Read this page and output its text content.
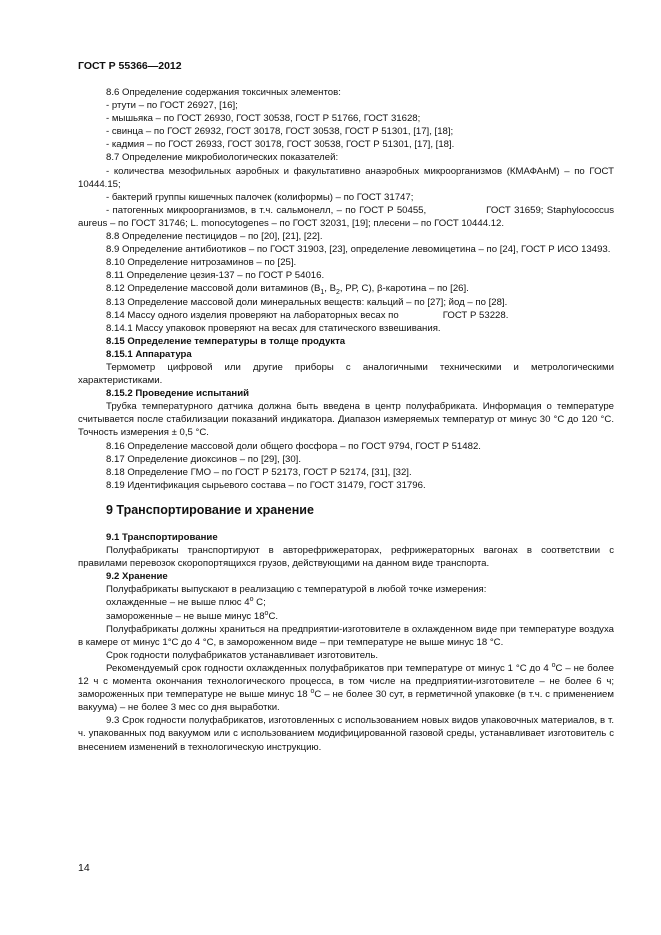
ГОСТ Р 55366—2012

8.6 Определение содержания токсичных элементов:

- ртути – по ГОСТ 26927, [16];

- мышьяка – по ГОСТ 26930, ГОСТ 30538, ГОСТ Р 51766, ГОСТ 31628;

- свинца – по ГОСТ 26932, ГОСТ 30178, ГОСТ 30538, ГОСТ Р 51301, [17], [18];

- кадмия – по ГОСТ 26933, ГОСТ 30178, ГОСТ 30538, ГОСТ Р 51301, [17], [18].

8.7 Определение микробиологических показателей:

- количества мезофильных аэробных и факультативно анаэробных микроорганизмов (КМАФАнМ) – по ГОСТ 10444.15;

- бактерий группы кишечных палочек (колиформы) – по ГОСТ 31747;

- патогенных микроорганизмов, в т.ч. сальмонелл, – по ГОСТ Р 50455,	ГОСТ 31659; Staphylococcus aureus – по ГОСТ 31746; L. monocytogenes – по ГОСТ 32031, [19]; плесени – по ГОСТ 10444.12.

8.8 Определение пестицидов – по [20], [21], [22].

8.9 Определение антибиотиков – по ГОСТ 31903, [23], определение левомицетина – по [24], ГОСТ Р ИСО 13493.

8.10 Определение нитрозаминов – по [25].

8.11 Определение цезия-137 – по ГОСТ Р 54016.

8.12 Определение массовой доли витаминов ($В_1$, $В_2$, РР, С), β-каротина – по [26].

8.13 Определение массовой доли минеральных веществ: кальций – по [27]; йод – по [28].

8.14 Массу одного изделия проверяют на лабораторных весах по	ГОСТ Р 53228.

8.14.1 Массу упаковок проверяют на весах для статического взвешивания.

8.15 Определение температуры в толще продукта

8.15.1 Аппаратура

Термометр цифровой или другие приборы с аналогичными техническими и метрологическими характеристиками.

8.15.2 Проведение испытаний

Трубка температурного датчика должна быть введена в центр полуфабриката. Информация о температуре считывается после стабилизации показаний индикатора. Диапазон измеряемых температур от минус 30 °С до 120 °С. Точность измерения ± 0,5 °С.

8.16 Определение массовой доли общего фосфора – по ГОСТ 9794, ГОСТ Р 51482.

8.17 Определение диоксинов – по [29], [30].

8.18 Определение ГМО – по ГОСТ Р 52173, ГОСТ Р 52174, [31], [32].

8.19 Идентификация сырьевого состава – по ГОСТ 31479, ГОСТ 31796.

9 Транспортирование и хранение

9.1 Транспортирование

Полуфабрикаты транспортируют в авторефрижераторах, рефрижераторных вагонах в соответствии с правилами перевозок скоропортящихся грузов, действующими на данном виде транспорта.

9.2 Хранение

Полуфабрикаты выпускают в реализацию с температурой в любой точке измерения:

охлажденные – не выше плюс $4^о$ С;

замороженные – не выше минус $18^оС$.

Полуфабрикаты должны храниться на предприятии-изготовителе в охлажденном виде при температуре воздуха в камере от минус 1°С до 4 °С, в замороженном виде – при температуре не выше минус 18 °С.

Срок годности полуфабрикатов устанавливает изготовитель.

Рекомендуемый срок годности охлажденных полуфабрикатов при температуре от минус 1 °С до 4 $^о$С – не более 12 ч с момента окончания технологического процесса, в том числе на предприятии-изготовителе – не более 6 ч; замороженных при температуре не выше минус 18 $^о$С – не более 30 сут, в герметичной упаковке (в т.ч. с применением вакуума) – не более 3 мес со дня выработки.

9.3 Срок годности полуфабрикатов, изготовленных с использованием новых видов упаковочных материалов, в т. ч. упакованных под вакуумом или с использованием модифицированной газовой среды, устанавливает изготовитель с внесением изменений в технологическую инструкцию.

14
